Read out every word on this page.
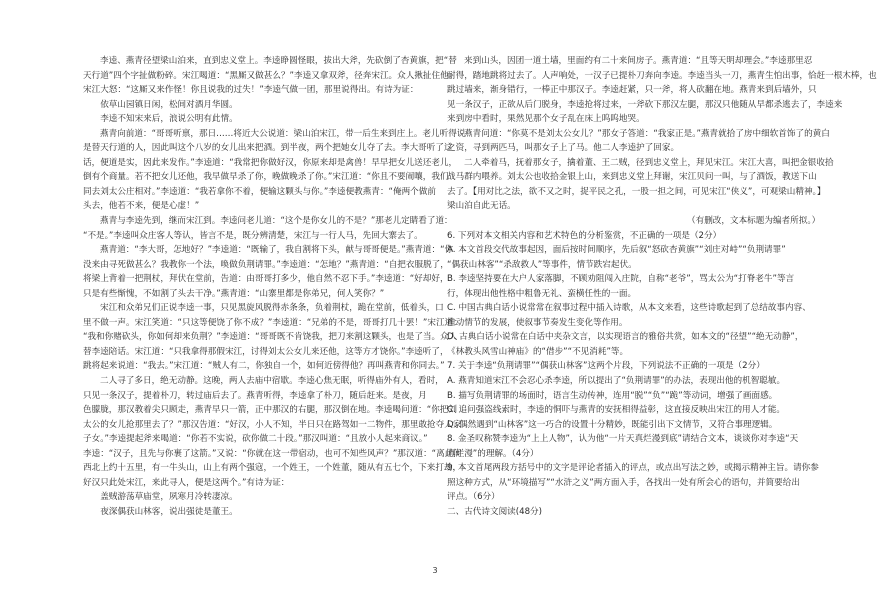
李逵、燕青径望梁山泊来，直到忠义堂上。李逵睁圆怪眼，拔出大斧，先砍倒了杏黄旗，把“替
天行道”四个字扯做粉碎。宋江喝道：“黑厮又做甚么？”李逵又拿双斧，径奔宋江。众人揪扯住他。
宋江大怒：“这厮又来作怪！你且说我的过失！”李逵气做一团，那里说得出。有诗为证：
　　依草山园镇日闲，松间对酒月华圆。
　　李逵不知宋来后，浪说公明有此情。
燕青向前道：“哥哥听禀，那日……将近大公说道：梁山泊宋江，带一后生来到庄上。老儿听得说
是替天行道的人，因此叫这个八岁的女儿出来把酒。到半夜，两个把她女儿夺了去。李大哥听了这
话，便道是实，因此来发作。”李逵道：“我常把你做好汉，你原来却是禽兽！早早把女儿送还老儿，
倒有个商量。若不把女儿还他，我早做早杀了你，晚做晚杀了你。”宋江道：“你且不要闹嚷，我们
同去刘太公庄相对。”李逵道：“我若拿你不着，便输这颗头与你。”李逵便教燕青：“俺两个做前
头去，他若不来，便是心虚！”
燕青与李逵先到，继而宋江到。李逵问老儿道：“这个是你女儿的不是？”那老儿定睛看了道：
“不是。”李逵叫众庄客人等认，皆言不是，既分辨清楚，宋江与一行人马，先回大寨去了。
燕青道：“李大哥，怎地好？”李逵道：“既输了，我自割将下头，献与哥哥便是。”燕青道：“你
没来由寻死做甚么？我教你一个法，唤做负荆请罪。”李逵道：“怎地？”燕青道：“自把衣服脱了，
将梁上背着一把荆杖，拜伏在堂前，告道：由哥哥打多少，他自然不忍下手。”李逵道：“好却好，
只是有些惭愧，不如割了头去干净。”燕青道：“山寨里都是你弟兄，何人笑你？”
宋江和众弟兄们正说李逵一事，只见黑旋风脱得赤条条，负着荆杖，跪在堂前，低着头，口
里不做一声。宋江笑道：“只这等便饶了你不成？”李逵道：“兄弟的不是，哥哥打几十罢！”宋江道：
“我和你赌砍头，你如何却来负荆？”李逵道：“哥哥既不肯饶我，把刀来割这颗头，也是了当。众人
替李逵陪话。宋江道：“只我拿得那假宋江，讨得刘太公女儿来还他，这等方才饶你。”李逵听了，
跳将起来说道：“我去。”宋江道：“贼人有二，你独自一个，如何近傍得他？再叫燕青和你同去。”
二人寻了多日，绝无动静。这晚，两人去庙中宿歇。李逵心焦无眠，听得庙外有人，看时，
只见一条汉子，提着朴刀，转过庙后去了。燕青听得，李逵拿了朴刀，随后赶来。是夜，月
色朦胧，那汉教着尖只顾走，燕青早只一箭，正中那汉的右腿，那汉倒在地。李逵喝问道：“你把刘
太公的女儿抢那里去了？”那汉告道：“好汉，小人不知，半日只在路驾如一二物件，那里敢抢夺人家
子女。”李逵提起斧来喝道：“你若不实说，砍你做二十段。”那汉叫道：“且放小人起来商议。”
李逵：“汉子，且先与你裹了这箭。”又说：“你就在这一带宿动，也可不知些风声？”那汉道：“离此间
西北上约十五里，有一牛头山，山上有两个强寇，一个姓王，一个姓董，随从有五七个，下来打劫，
好汉只此处宋江，来此寻人，便是这两个。”有诗为证：
　　盖贼游荡草庙堂，夙寒月冷转凄凉。
　　夜深偶获山林客，说出强徒是董王。
来到山头，因团一道土墙，里面约有二十来间房子。燕青道：“且等天明却理会。”李逵那里忍
耐得，踏地跳将过去了。人声响处，一汉子已提朴刀奔向李逵。李逵当头一刀，燕青生怕出事，恰赶一根木棒，也
跳过墙来，渐身错行，一棒正中那汉子。李逵赶紧，只一斧，将人砍翻在地。燕青来到后墙外，只
见一条汉子，正欲从后门脱身，李逵抢将过来，一斧砍下那汉左腿，那汉只他随从早都杀逃去了，李逵来
来到房中看时，果然见那个女子乱在床上呜呜地哭。
燕青问道：“你莫不是刘太公女儿？”那女子答道：“我家正是。”燕青就拾了房中细软首饰了的黄白
之资，寻到两匹马，叫那女子上了马。他二人李逵护了回家。
二人牵着马，抚着那女子，擒着董、王二贼，径到忠义堂上，拜见宋江。宋江大喜，叫把金银收拾
战马群内喂养。刘太公也收拾金银上山，来到忠义堂上拜谢，宋江贝问一叫，与了酒饭，教送下山
去了。【用对比之法，欲不又之时，捉平民之孔，一股一担之间，可见宋江“侠义”，可观梁山精神。】
梁山泊自此无话。
（有删改，文本标题为编者所拟。）
6. 下列对本文相关内容和艺术特色的分析鉴赏，不正确的一项是（2分）
A. 本文首段交代故事起因，面后按时间顺序，先后叙“怒砍杏黄旗”“刘庄对峙”“负荆请罪”
“偶获山林客”“杀敌救人”等事件，情节跌宕起伏。
B. 李逵坚持要在大户人家落脚，不顾劝阻闯入庄院，自称“老爷”，骂太公为“打脊老牛”等言
行，体现出他性格中粗鲁无礼、蛮横任性的一面。
C. 中国古典白话小说常常在叙事过程中插入诗歌，从本文来看，这些诗歌起到了总结故事内容、
推动情节的发展，使叙事节奏发生变化等作用。
D. 古典白话小说常在白话中夹杂文言，以实现语言的雅俗共赏，如本文的“径望”“绝无动静”，
《林教头风雪山神庙》的“借步”“不见消耗”等。
7. 关于李逵“负荆请罪”“偶获山林客”这两个片段，下列说法不正确的一项是（2分）
A. 燕青知道宋江不会忍心杀李逵，所以提出了“负荆请罪”的办法，表现出他的机智聪敏。
B. 描写负荆请罪的场面时，语言生动传神，连用“脱”“负”“跪”等动词，增强了画面感。
C. 追问强盗线索时，李逵的恫吓与燕青的安抚相得益彰，这直接反映出宋江的用人才能。
D. 偶然遇到“山林客”这一巧合的设置十分精妙，既能引出下文情节，又符合事理逻辑。
8. 金圣叹称赞李逵为“上上人物”，认为他“一片天真烂漫到底”请结合文本，谈谈你对李逵“天
真烂漫”的理解。（4分）
9. 本文首尾两段方括号中的文字是评论者插入的评点，或点出写法之妙，或揭示精神主旨。请你参
照这种方式，从“环境描写”“水浒之义”两方面入手，各找出一处有所会心的语句，并简要给出
评点。（6分）
二、古代诗文阅读(48分)
3
